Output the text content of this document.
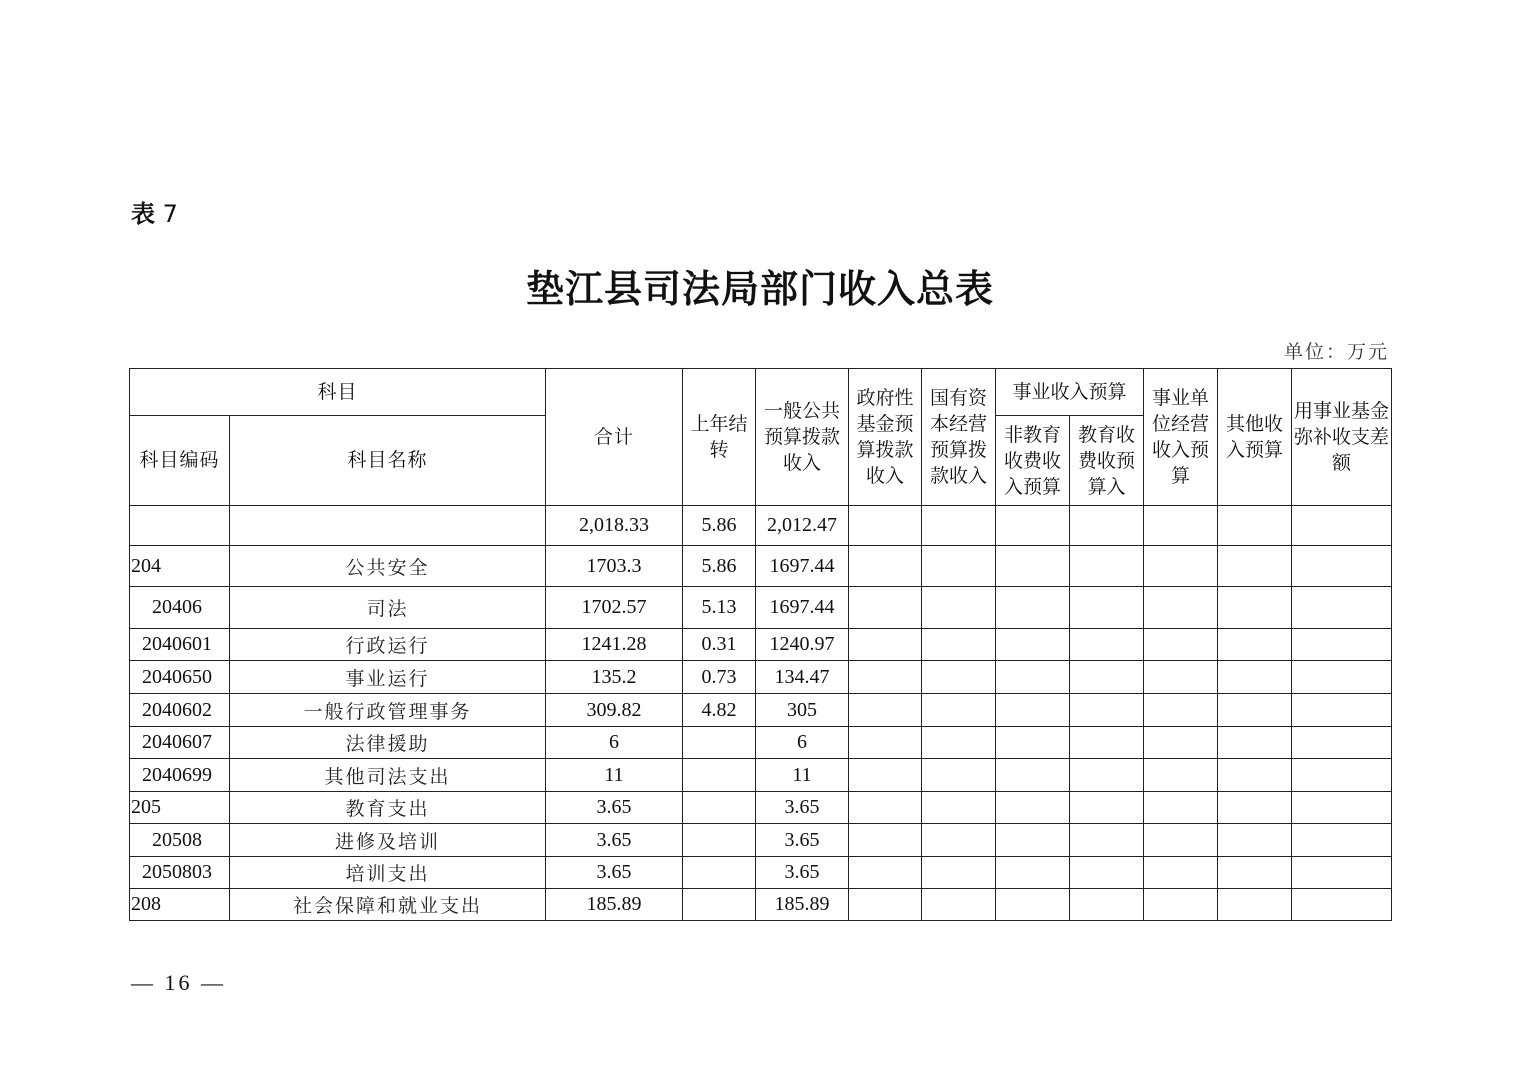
表 7
垫江县司法局部门收入总表
单位：万元
科目		合计	上年结转	一般公共预算拨款收入	政府性基金预算拨款收入	国有资本经营预算拨款收入	事业收入预算		事业单位经营收入预算	其他收入预算	用事业基金弥补收支差额
科目编码	科目名称						非教育收费收入预算	教育收费收预算入			
		2,018.33	5.86	2,012.47							
204	公共安全	1703.3	5.86	1697.44							
20406	司法	1702.57	5.13	1697.44							
2040601	行政运行	1241.28	0.31	1240.97							
2040650	事业运行	135.2	0.73	134.47							
2040602	一般行政管理事务	309.82	4.82	305							
2040607	法律援助	6		6							
2040699	其他司法支出	11		11							
205	教育支出	3.65		3.65							
20508	进修及培训	3.65		3.65							
2050803	培训支出	3.65		3.65							
208	社会保障和就业支出	185.89		185.89							
— 16 —
